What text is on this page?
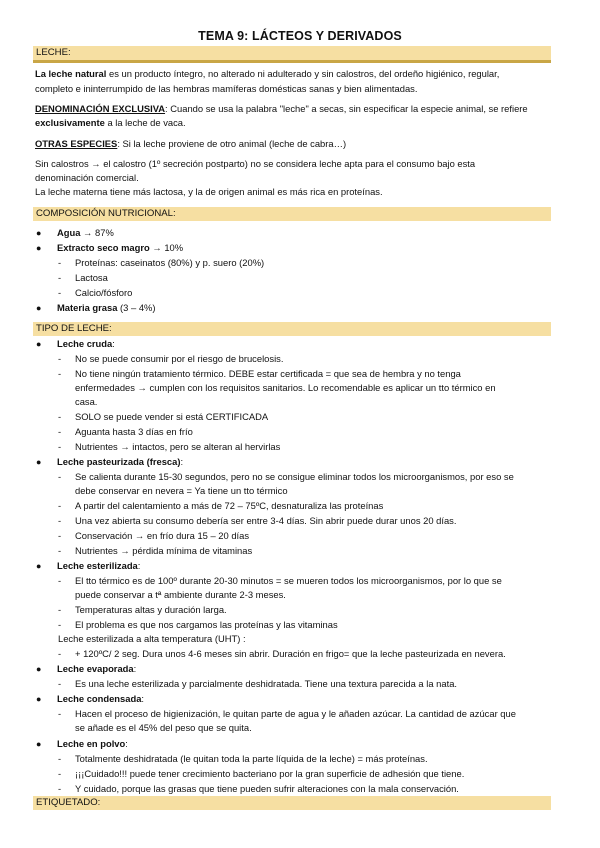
TEMA 9: LÁCTEOS Y DERIVADOS
LECHE:
La leche natural es un producto íntegro, no alterado ni adulterado y sin calostros, del ordeño higiénico, regular,
completo e ininterrumpido de las hembras mamíferas domésticas sanas y bien alimentadas.
DENOMINACIÓN EXCLUSIVA: Cuando se usa la palabra "leche" a secas, sin especificar la especie animal, se refiere
exclusivamente a la leche de vaca.
OTRAS ESPECIES: Si la leche proviene de otro animal (leche de cabra…)
Sin calostros → el calostro (1º secreción postparto) no se considera leche apta para el consumo bajo esta
denominación comercial.
La leche materna tiene más lactosa, y la de origen animal es más rica en proteínas.
COMPOSICIÓN NUTRICIONAL:
● Agua → 87%
● Extracto seco magro → 10%
- Proteínas: caseinatos (80%) y p. suero (20%)
- Lactosa
- Calcio/fósforo
● Materia grasa (3 – 4%)
TIPO DE LECHE:
● Leche cruda:
- No se puede consumir por el riesgo de brucelosis.
- No tiene ningún tratamiento térmico. DEBE estar certificada = que sea de hembra y no tenga
enfermedades → cumplen con los requisitos sanitarios. Lo recomendable es aplicar un tto térmico en
casa.
- SOLO se puede vender si está CERTIFICADA
- Aguanta hasta 3 días en frío
- Nutrientes → intactos, pero se alteran al hervirlas
● Leche pasteurizada (fresca):
- Se calienta durante 15-30 segundos, pero no se consigue eliminar todos los microorganismos, por eso se
debe conservar en nevera = Ya tiene un tto térmico
- A partir del calentamiento a más de 72 – 75ºC, desnaturaliza las proteínas
- Una vez abierta su consumo debería ser entre 3-4 días. Sin abrir puede durar unos 20 días.
- Conservación → en frío dura 15 – 20 días
- Nutrientes → pérdida mínima de vitaminas
● Leche esterilizada:
- El tto térmico es de 100º durante 20-30 minutos = se mueren todos los microorganismos, por lo que se
puede conservar a tª ambiente durante 2-3 meses.
- Temperaturas altas y duración larga.
- El problema es que nos cargamos las proteínas y las vitaminas
Leche esterilizada a alta temperatura (UHT) :
- + 120ºC/ 2 seg. Dura unos 4-6 meses sin abrir. Duración en frigo= que la leche pasteurizada en nevera.
● Leche evaporada:
- Es una leche esterilizada y parcialmente deshidratada. Tiene una textura parecida a la nata.
● Leche condensada:
- Hacen el proceso de higienización, le quitan parte de agua y le añaden azúcar. La cantidad de azúcar que
se añade es el 45% del peso que se quita.
● Leche en polvo:
- Totalmente deshidratada (le quitan toda la parte líquida de la leche) = más proteínas.
- ¡¡¡Cuidado!!! puede tener crecimiento bacteriano por la gran superficie de adhesión que tiene.
- Y cuidado, porque las grasas que tiene pueden sufrir alteraciones con la mala conservación.
ETIQUETADO:
